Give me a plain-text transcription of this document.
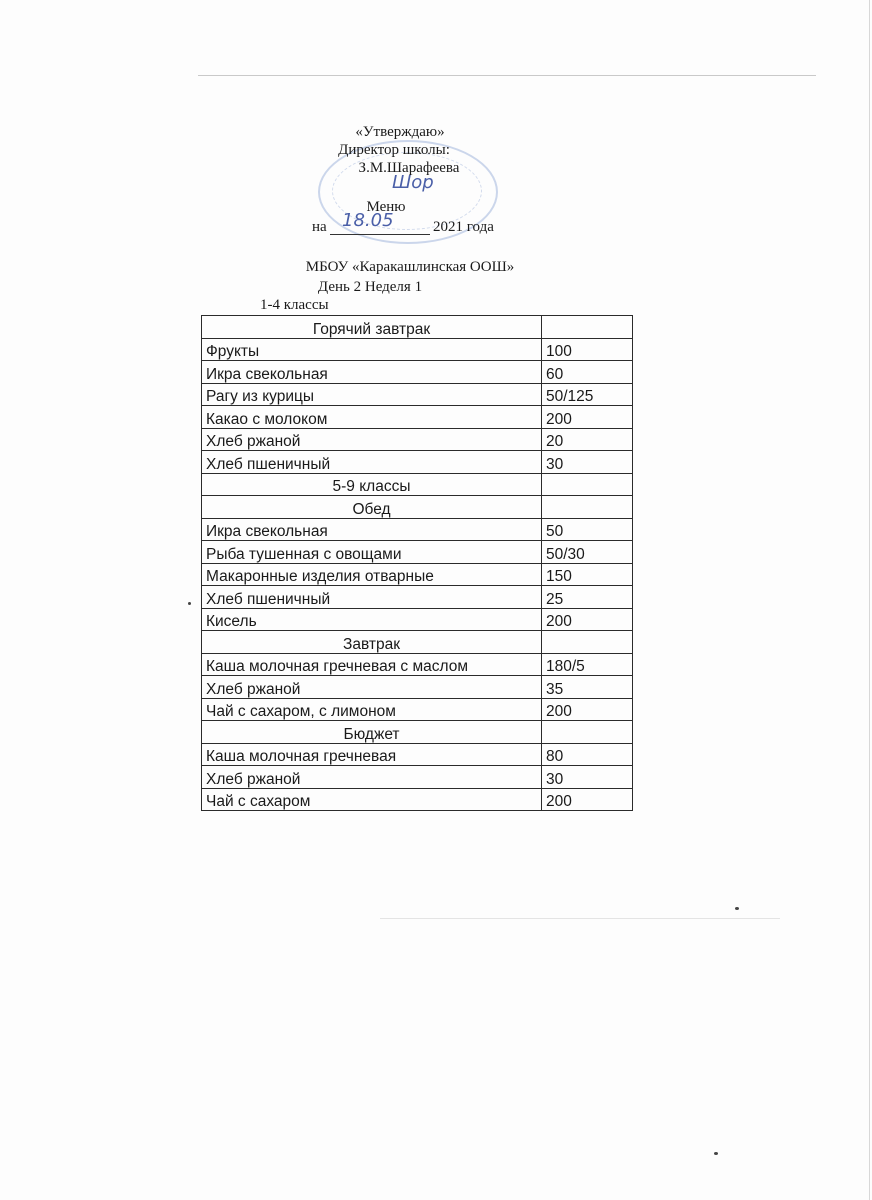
«Утверждаю»
Директор школы:
З.М.Шарафеева
Шор
Меню
на 18.05	2021 года
МБОУ «Каракашлинская ООШ»
День 2 Неделя 1
1-4 классы
Горячий завтрак	
Фрукты	100
Икра свекольная	60
Рагу из курицы	50/125
Какао с молоком	200
Хлеб ржаной	20
Хлеб пшеничный	30
5-9 классы	
Обед	
Икра свекольная	50
Рыба тушенная с овощами	50/30
Макаронные изделия отварные	150
Хлеб пшеничный	25
Кисель	200
Завтрак	
Каша молочная гречневая с маслом	180/5
Хлеб ржаной	35
Чай с сахаром, с лимоном	200
Бюджет	
Каша молочная гречневая	80
Хлеб ржаной	30
Чай с сахаром	200
